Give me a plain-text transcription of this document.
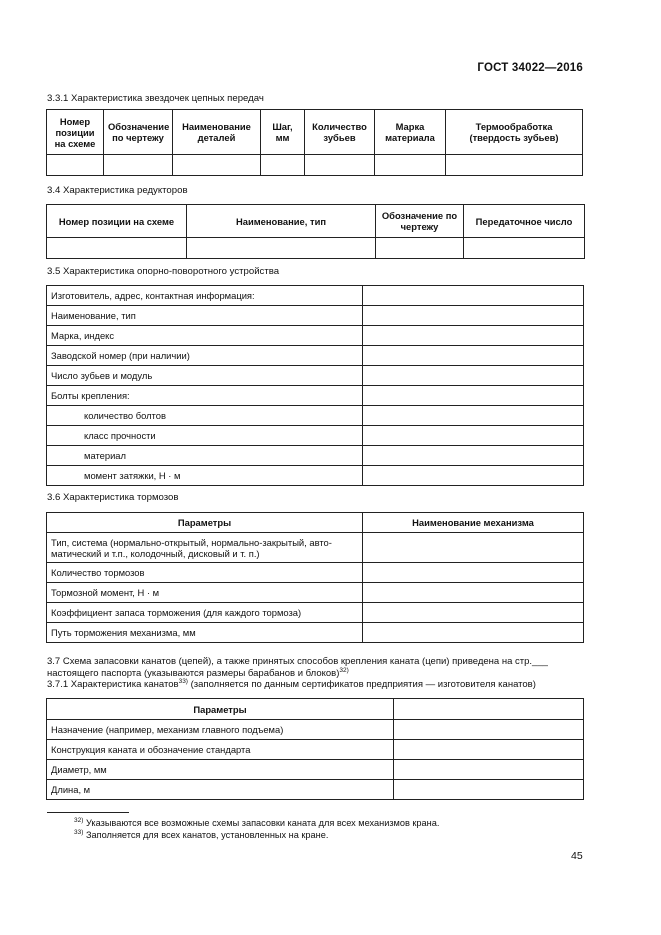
ГОСТ 34022—2016
3.3.1 Характеристика звездочек цепных передач
Номер позиции на схеме	Обозначение по чертежу	Наименование деталей	Шаг, мм	Количество зубьев	Марка материала	Термообработка (твердость зубьев)

3.4 Характеристика редукторов
Номер позиции на схеме	Наименование, тип	Обозначение по чертежу	Передаточное число

3.5 Характеристика опорно-поворотного устройства
Изготовитель, адрес, контактная информация:	
Наименование, тип	
Марка, индекс	
Заводской номер (при наличии)	
Число зубьев и модуль	
Болты крепления:	
количество болтов	
класс прочности	
материал	
момент затяжки, Н · м	
3.6 Характеристика тормозов
Параметры	Наименование механизма
Тип, система (нормально-открытый, нормально-закрытый, авто-матический и т.п., колодочный, дисковый и т. п.)	
Количество тормозов	
Тормозной момент, Н · м	
Коэффициент запаса торможения (для каждого тормоза)	
Путь торможения механизма, мм	
3.7 Схема запасовки канатов (цепей), а также принятых способов крепления каната (цепи) приведена на стр.___ настоящего паспорта (указываются размеры барабанов и блоков)$^{32)}$
3.7.1 Характеристика канатов$^{33)}$ (заполняется по данным сертификатов предприятия — изготовителя канатов)
Параметры	
Назначение (например, механизм главного подъема)	
Конструкция каната и обозначение стандарта	
Диаметр, мм	
Длина, м	
$^{32)}$ Указываются все возможные схемы запасовки каната для всех механизмов крана.
$^{33)}$ Заполняется для всех канатов, установленных на кране.
45
